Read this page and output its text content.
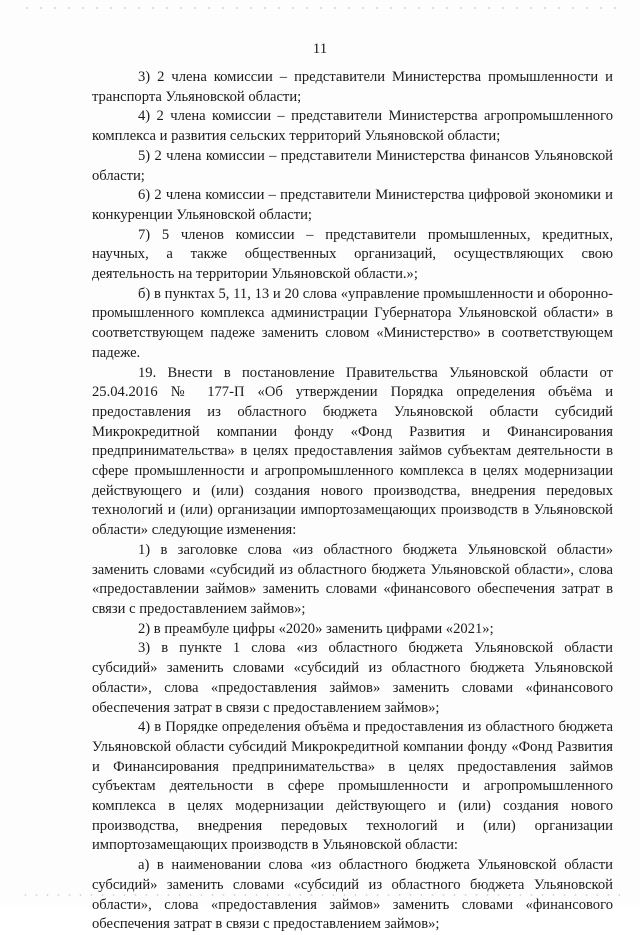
11

3) 2 члена комиссии – представители Министерства промышленности и транспорта Ульяновской области;

4) 2 члена комиссии – представители Министерства агропромышленного комплекса и развития сельских территорий Ульяновской области;

5) 2 члена комиссии – представители Министерства финансов Ульяновской области;

6) 2 члена комиссии – представители Министерства цифровой экономики и конкуренции Ульяновской области;

7) 5 членов комиссии – представители промышленных, кредитных, научных, а также общественных организаций, осуществляющих свою деятельность на территории Ульяновской области.»;

б) в пунктах 5, 11, 13 и 20 слова «управление промышленности и оборонно-промышленного комплекса администрации Губернатора Ульяновской области» в соответствующем падеже заменить словом «Министерство» в соответствующем падеже.

19. Внести в постановление Правительства Ульяновской области от 25.04.2016 № 177-П «Об утверждении Порядка определения объёма и предоставления из областного бюджета Ульяновской области субсидий Микрокредитной компании фонду «Фонд Развития и Финансирования предпринимательства» в целях предоставления займов субъектам деятельности в сфере промышленности и агропромышленного комплекса в целях модернизации действующего и (или) создания нового производства, внедрения передовых технологий и (или) организации импортозамещающих производств в Ульяновской области» следующие изменения:

1) в заголовке слова «из областного бюджета Ульяновской области» заменить словами «субсидий из областного бюджета Ульяновской области», слова «предоставлении займов» заменить словами «финансового обеспечения затрат в связи с предоставлением займов»;

2) в преамбуле цифры «2020» заменить цифрами «2021»;

3) в пункте 1 слова «из областного бюджета Ульяновской области субсидий» заменить словами «субсидий из областного бюджета Ульяновской области», слова «предоставления займов» заменить словами «финансового обеспечения затрат в связи с предоставлением займов»;

4) в Порядке определения объёма и предоставления из областного бюджета Ульяновской области субсидий Микрокредитной компании фонду «Фонд Развития и Финансирования предпринимательства» в целях предоставления займов субъектам деятельности в сфере промышленности и агропромышленного комплекса в целях модернизации действующего и (или) создания нового производства, внедрения передовых технологий и (или) организации импортозамещающих производств в Ульяновской области:

а) в наименовании слова «из областного бюджета Ульяновской области субсидий» заменить словами «субсидий из областного бюджета Ульяновской области», слова «предоставления займов» заменить словами «финансового обеспечения затрат в связи с предоставлением займов»;
